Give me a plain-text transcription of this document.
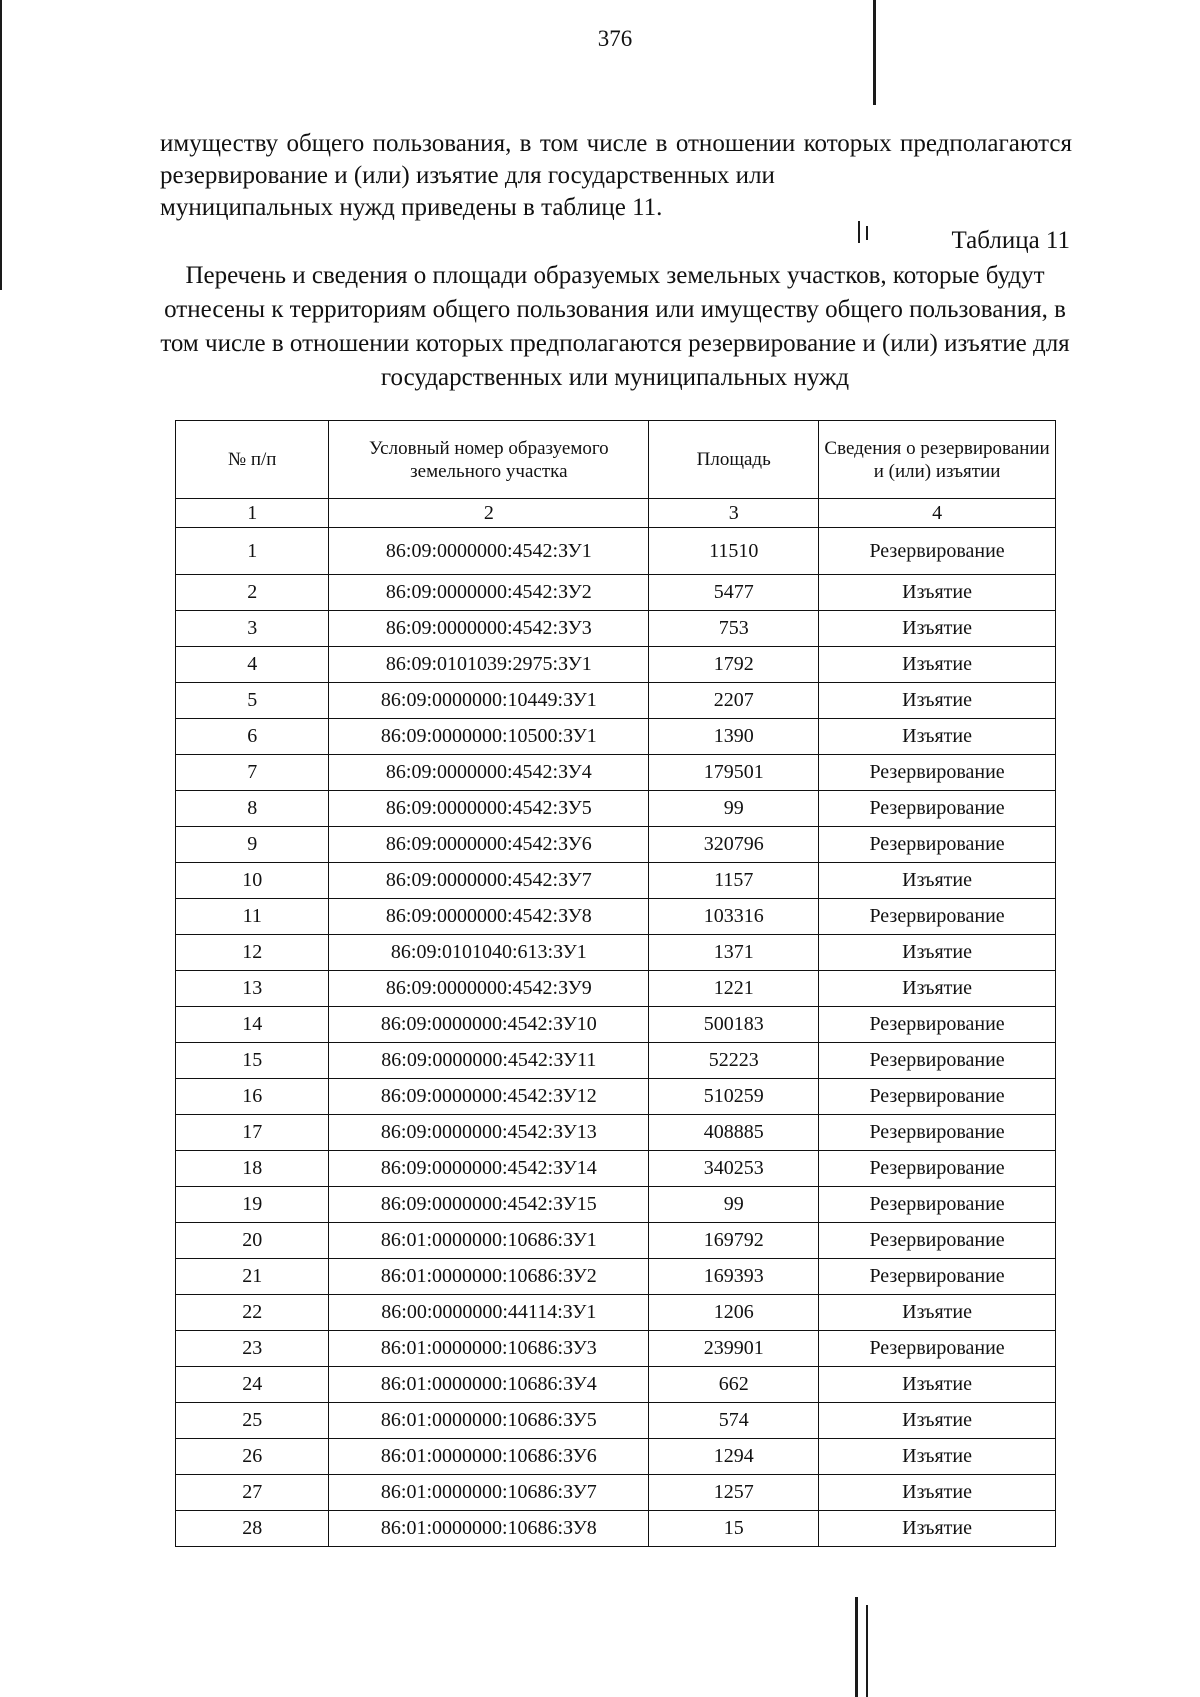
376
имуществу общего пользования, в том числе в отношении которых предполагаются резервирование и (или) изъятие для государственных или
муниципальных нужд приведены в таблице 11.
Таблица 11
Перечень и сведения о площади образуемых земельных участков, которые будут отнесены к территориям общего пользования или имуществу общего пользования, в том числе в отношении которых предполагаются резервирование и (или) изъятие для государственных или муниципальных нужд
№ п/п	Условный номер образуемого земельного участка	Площадь	Сведения о резервировании и (или) изъятии
1	2	3	4
1	86:09:0000000:4542:ЗУ1	11510	Резервирование
2	86:09:0000000:4542:ЗУ2	5477	Изъятие
3	86:09:0000000:4542:ЗУ3	753	Изъятие
4	86:09:0101039:2975:ЗУ1	1792	Изъятие
5	86:09:0000000:10449:ЗУ1	2207	Изъятие
6	86:09:0000000:10500:ЗУ1	1390	Изъятие
7	86:09:0000000:4542:ЗУ4	179501	Резервирование
8	86:09:0000000:4542:ЗУ5	99	Резервирование
9	86:09:0000000:4542:ЗУ6	320796	Резервирование
10	86:09:0000000:4542:ЗУ7	1157	Изъятие
11	86:09:0000000:4542:ЗУ8	103316	Резервирование
12	86:09:0101040:613:ЗУ1	1371	Изъятие
13	86:09:0000000:4542:ЗУ9	1221	Изъятие
14	86:09:0000000:4542:ЗУ10	500183	Резервирование
15	86:09:0000000:4542:ЗУ11	52223	Резервирование
16	86:09:0000000:4542:ЗУ12	510259	Резервирование
17	86:09:0000000:4542:ЗУ13	408885	Резервирование
18	86:09:0000000:4542:ЗУ14	340253	Резервирование
19	86:09:0000000:4542:ЗУ15	99	Резервирование
20	86:01:0000000:10686:ЗУ1	169792	Резервирование
21	86:01:0000000:10686:ЗУ2	169393	Резервирование
22	86:00:0000000:44114:ЗУ1	1206	Изъятие
23	86:01:0000000:10686:ЗУ3	239901	Резервирование
24	86:01:0000000:10686:ЗУ4	662	Изъятие
25	86:01:0000000:10686:ЗУ5	574	Изъятие
26	86:01:0000000:10686:ЗУ6	1294	Изъятие
27	86:01:0000000:10686:ЗУ7	1257	Изъятие
28	86:01:0000000:10686:ЗУ8	15	Изъятие
